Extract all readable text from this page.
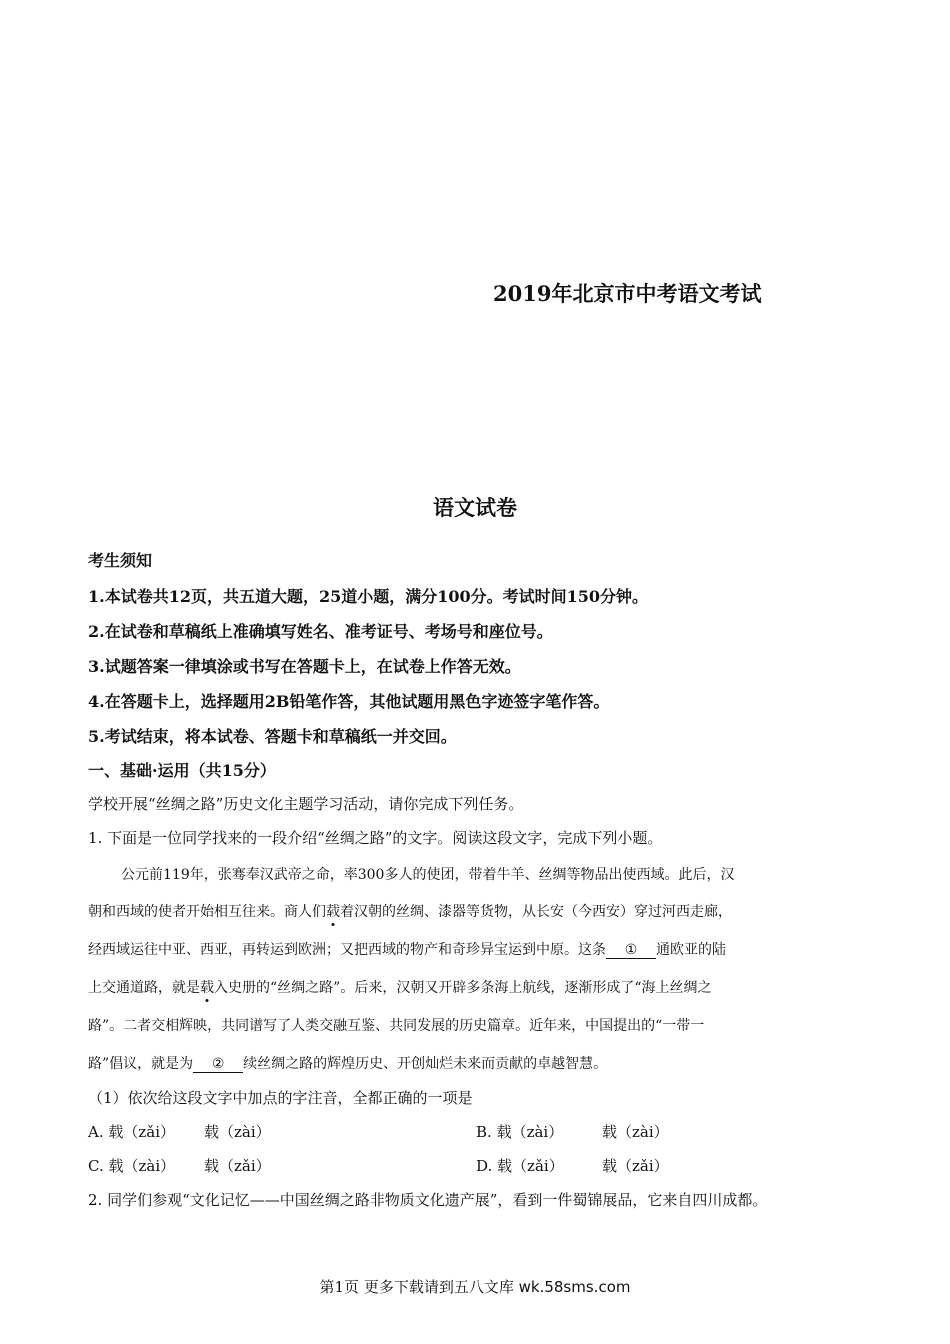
2019年北京市中考语文考试
语文试卷
考生须知
1.本试卷共12页，共五道大题，25道小题，满分100分。考试时间150分钟。
2.在试卷和草稿纸上准确填写姓名、准考证号、考场号和座位号。
3.试题答案一律填涂或书写在答题卡上，在试卷上作答无效。
4.在答题卡上，选择题用2B铅笔作答，其他试题用黑色字迹签字笔作答。
5.考试结束，将本试卷、答题卡和草稿纸一并交回。
一、基础·运用（共15分）
学校开展“丝绸之路”历史文化主题学习活动，请你完成下列任务。
1. 下面是一位同学找来的一段介绍“丝绸之路”的文字。阅读这段文字，完成下列小题。
公元前119年，张骞奉汉武帝之命，率300多人的使团，带着牛羊、丝绸等物品出使西域。此后，汉
朝和西域的使者开始相互往来。商人们载着汉朝的丝绸、漆器等货物，从长安（今西安）穿过河西走廊，
经西域运往中亚、西亚，再转运到欧洲；又把西域的物产和奇珍异宝运到中原。这条 ① 通欧亚的陆
上交通道路，就是载入史册的“丝绸之路”。后来，汉朝又开辟多条海上航线，逐渐形成了“海上丝绸之
路”。二者交相辉映，共同谱写了人类交融互鉴、共同发展的历史篇章。近年来，中国提出的“一带一
路”倡议，就是为 ② 续丝绸之路的辉煌历史、开创灿烂未来而贡献的卓越智慧。
（1）依次给这段文字中加点的字注音，全都正确的一项是
A. 载（zǎi） 载（zài）	B. 载（zài）	载（zài）
C. 载（zài） 载（zǎi）	D. 载（zǎi）	载（zǎi）
2. 同学们参观“文化记忆——中国丝绸之路非物质文化遗产展”，看到一件蜀锦展品，它来自四川成都。
第1页 更多下载请到五八文库 wk.58sms.com
